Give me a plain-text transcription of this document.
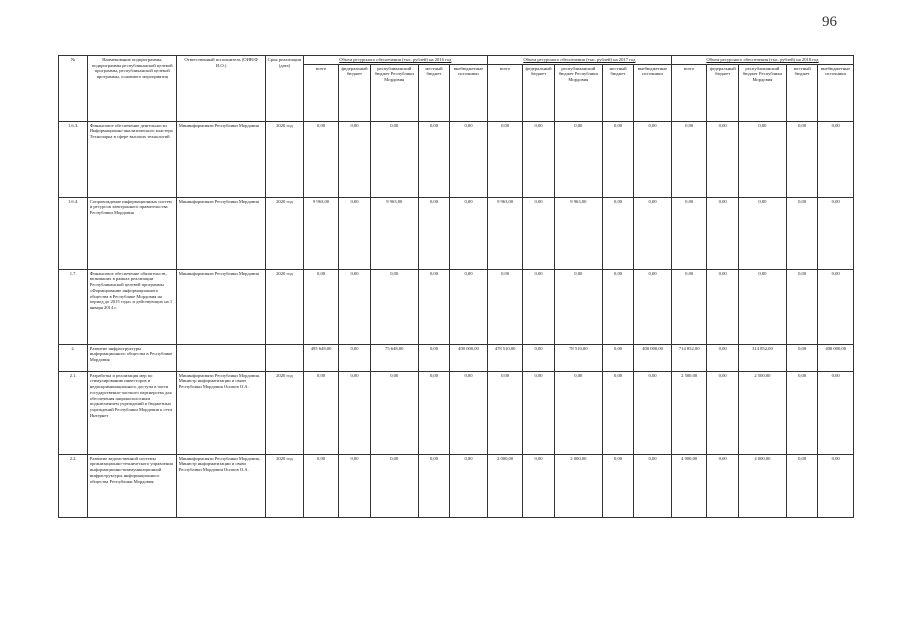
96
№	Наименование подпрограммы, подпрограммы республиканской целевой программы, республиканской целевой программы, основного мероприятия	Ответственный исполнитель (ОИВ/Ф И.О.)	Срок реализации (дата)	Объем ресурсного обеспечения (тыс. рублей) на 2016 год					Объем ресурсного обеспечения (тыс. рублей) на 2017 год					Объем ресурсного обеспечения (тыс. рублей) на 2018 год				
				всего	федеральный бюджет	республиканский бюджет Республики Мордовия	местный бюджет	внебюджетные источники	всего	федеральный бюджет	республиканский бюджет Республики Мордовия	местный бюджет	внебюджетные источники	всего	федеральный бюджет	республиканский бюджет Республики Мордовия	местный бюджет	внебюджетные источники
1.6.3.	Финансовое обеспечение деятельности Информационно-аналитического кластера Технопарка в сфере высоких технологий	Мининформсвязи Республики Мордовия	2020 год	0,00	0,00	0,00	0,00	0,00	0,00	0,00	0,00	0,00	0,00	0,00	0,00	0,00	0,00	0,00
1.6.4.	Сопровождение информационных систем и ресурсов электронного правительства Республики Мордовия	Мининформсвязи Республики Мордовия	2020 год	9 963,00	0,00	9 963,00	0,00	0,00	9 963,00	0,00	9 963,00	0,00	0,00	0,00	0,00	0,00	0,00	0,00
1.7.	Финансовое обеспечение обязательств, возникших в рамках реализации Республиканской целевой программы «Формирование информационного общества в Республике Мордовия на период до 2015 года» и действующих на 1 января 2014 г.	Мининформсвязи Республики Мордовия	2020 год	0,00	0,00	0,00	0,00	0,00	0,00	0,00	0,00	0,00	0,00	0,00	0,00	0,00	0,00	0,00
2.	Развитие инфраструктуры информационного общества в Республике Мордовия			495 648,00	0,00	75 648,00	0,00	400 000,00	478 510,00	0,00	78 510,00	0,00	400 000,00	714 852,00	0,00	314 852,00	0,00	400 000,00
2.1.	Разработка и реализация мер по стимулированию инвесторов и недискриминационного доступа в части государственно-частного партнерства для обеспечения широкополосным подключением учреждений в бюджетных учреждений Республики Мордовия к сети Интернет	Мининформсвязи Республики Мордовия, Министр информатизации и связи Республики Мордовия Осипов О.А.	2020 год	0,00	0,00	0,00	0,00	0,00	0,00	0,00	0,00	0,00	0,00	2 500,00	0,00	2 500,00	0,00	0,00
2.2.	Развитие ведомственной системы организационно-технического управления информационно-коммуникационной инфраструктуры информационного общества Республики Мордовия	Мининформсвязи Республики Мордовия, Министр информатизации и связи Республики Мордовия Осипов О.А.	2020 год	0,00	0,00	0,00	0,00	0,00	2 000,00	0,00	2 000,00	0,00	0,00	4 000,00	0,00	4 000,00	0,00	0,00
